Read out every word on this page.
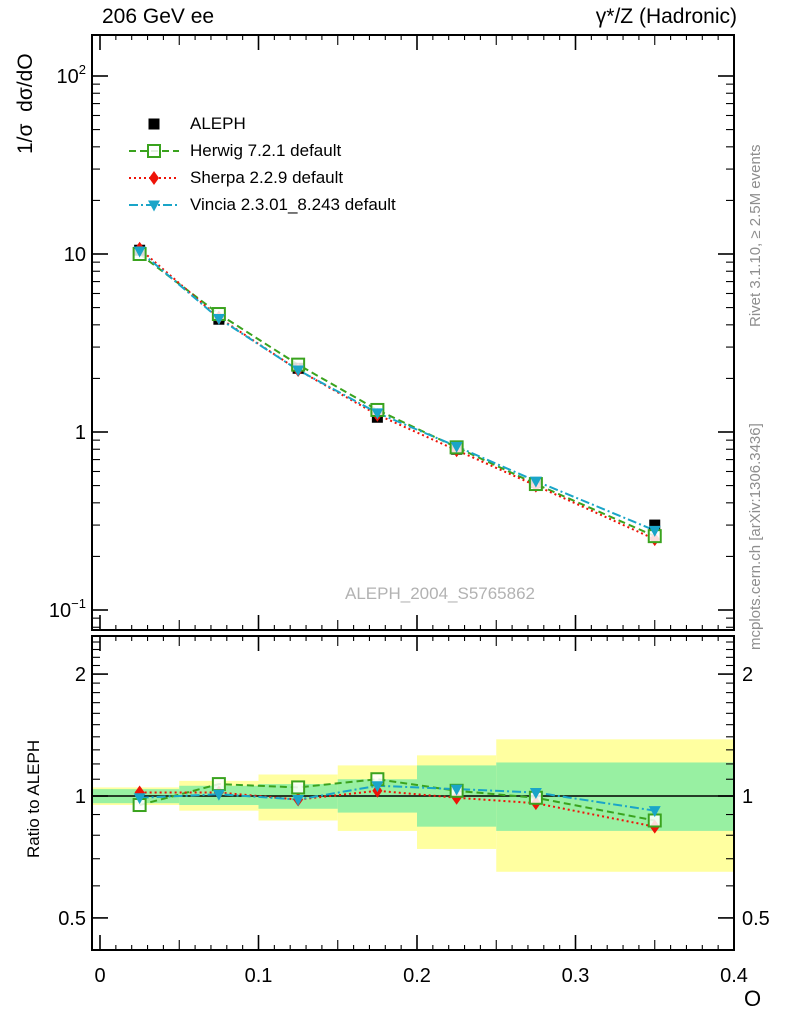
$10^2$
10
1
$10^{-1}$
2	2
1	1
0.5	0.5
0	0.1	0.2	0.3	0.4
206 GeV ee	γ*/Z (Hadronic)
1/σ  dσ/dO
Ratio to ALEPH
Rivet 3.1.10, ≥ 2.5M events
mcplots.cern.ch [arXiv:1306.3436]
ALEPH_2004_S5765862
O
ALEPH
Herwig 7.2.1 default
Sherpa 2.2.9 default
Vincia 2.3.01_8.243 default
